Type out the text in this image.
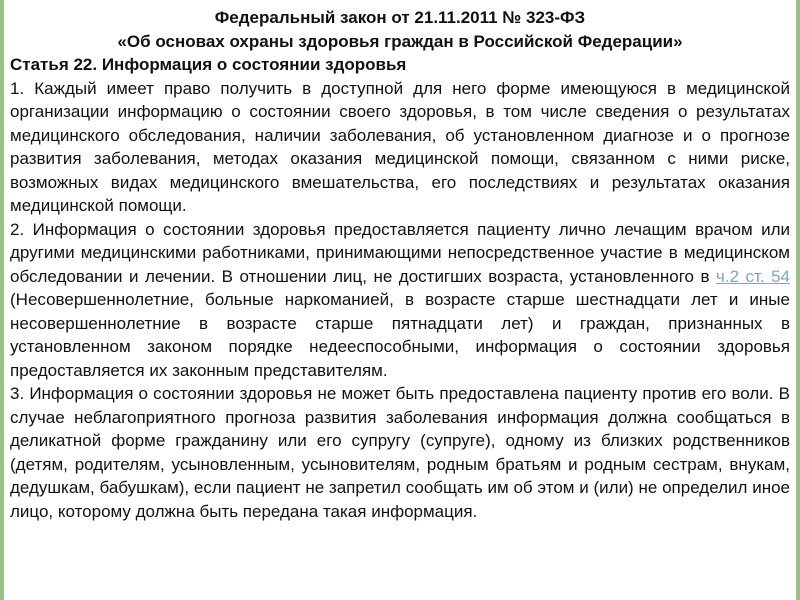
Федеральный закон от 21.11.2011 № 323-ФЗ

«Об основах охраны здоровья граждан в Российской Федерации»

Статья 22. Информация о состоянии здоровья

1. Каждый имеет право получить в доступной для него форме имеющуюся в медицинской организации информацию о состоянии своего здоровья, в том числе сведения о результатах медицинского обследования, наличии заболевания, об установленном диагнозе и о прогнозе развития заболевания, методах оказания медицинской помощи, связанном с ними риске, возможных видах медицинского вмешательства, его последствиях и результатах оказания медицинской помощи.

2. Информация о состоянии здоровья предоставляется пациенту лично лечащим врачом или другими медицинскими работниками, принимающими непосредственное участие в медицинском обследовании и лечении. В отношении лиц, не достигших возраста, установленного в ч.2 ст. 54 (Несовершеннолетние, больные наркоманией, в возрасте старше шестнадцати лет и иные несовершеннолетние в возрасте старше пятнадцати лет) и граждан, признанных в установленном законом порядке недееспособными, информация о состоянии здоровья предоставляется их законным представителям.

3. Информация о состоянии здоровья не может быть предоставлена пациенту против его воли. В случае неблагоприятного прогноза развития заболевания информация должна сообщаться в деликатной форме гражданину или его супругу (супруге), одному из близких родственников (детям, родителям, усыновленным, усыновителям, родным братьям и родным сестрам, внукам, дедушкам, бабушкам), если пациент не запретил сообщать им об этом и (или) не определил иное лицо, которому должна быть передана такая информация.
